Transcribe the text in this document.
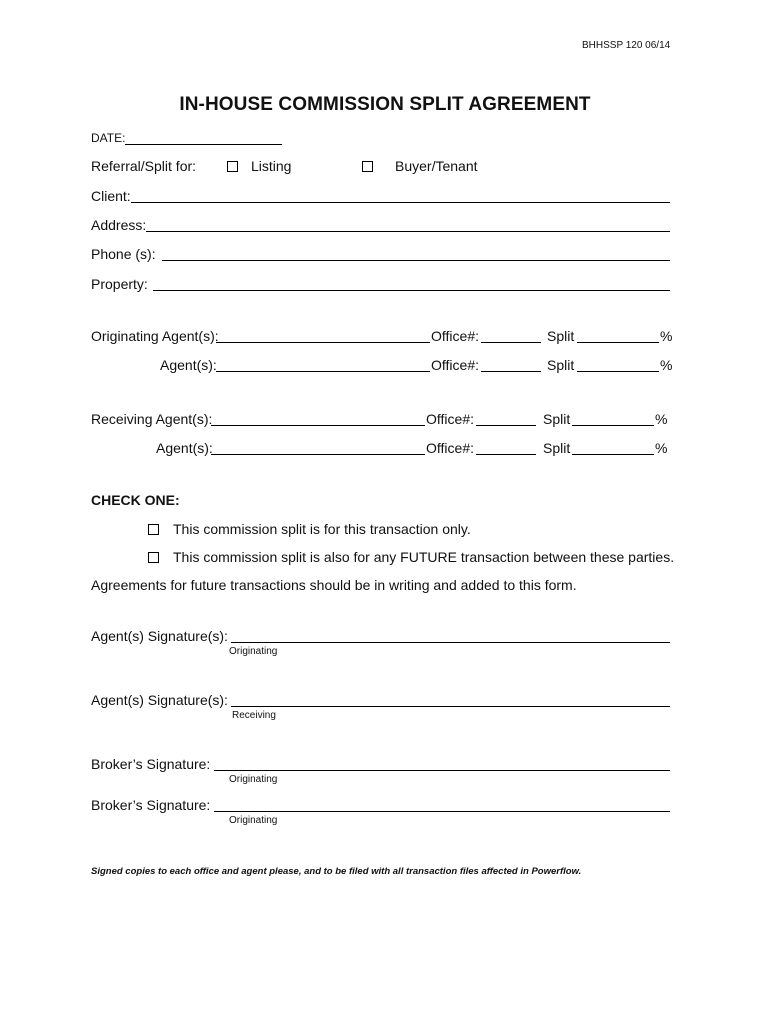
BHHSSP 120 06/14
IN-HOUSE COMMISSION SPLIT AGREEMENT
DATE:
Referral/Split for:	Listing	Buyer/Tenant
Client:
Address:
Phone (s):
Property:
Originating Agent(s):	Office#:	Split	%
Agent(s):	Office#:	Split	%
Receiving Agent(s):	Office#:	Split	%
Agent(s):	Office#:	Split	%
CHECK ONE:
This commission split is for this transaction only.
This commission split is also for any FUTURE transaction between these parties.
Agreements for future transactions should be in writing and added to this form.
Agent(s) Signature(s):
Originating
Agent(s) Signature(s):
Receiving
Broker’s Signature:
Originating
Broker’s Signature:
Originating
Signed copies to each office and agent please, and to be filed with all transaction files affected in Powerflow.
